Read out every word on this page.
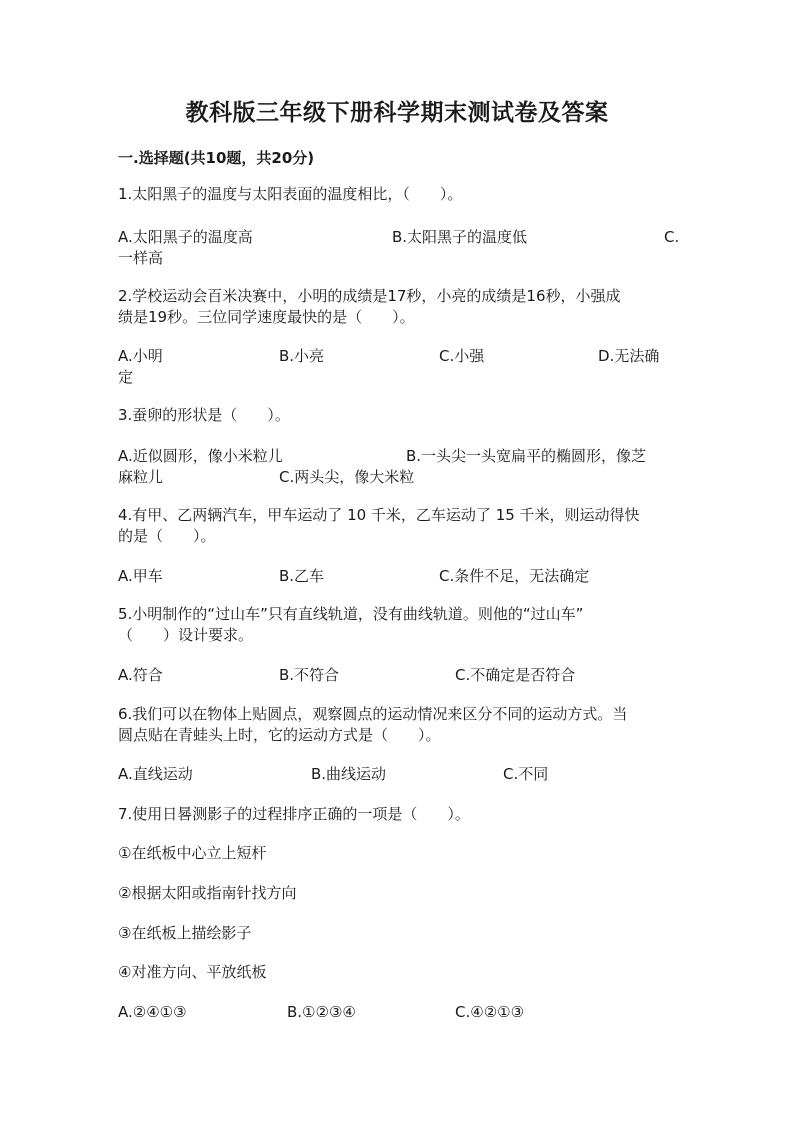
教科版三年级下册科学期末测试卷及答案
一.选择题(共10题，共20分)
1.太阳黑子的温度与太阳表面的温度相比，（　　）。
A.太阳黑子的温度高	B.太阳黑子的温度低	C.
一样高
2.学校运动会百米决赛中，小明的成绩是17秒，小亮的成绩是16秒，小强成
绩是19秒。三位同学速度最快的是（　　）。
A.小明	B.小亮	C.小强	D.无法确
定
3.蚕卵的形状是（　　）。
A.近似圆形，像小米粒儿	B.一头尖一头宽扁平的椭圆形，像芝
麻粒儿	C.两头尖，像大米粒
4.有甲、乙两辆汽车，甲车运动了 10 千米，乙车运动了 15 千米，则运动得快
的是（　　）。
A.甲车	B.乙车	C.条件不足，无法确定
5.小明制作的“过山车”只有直线轨道，没有曲线轨道。则他的“过山车”
（　　）设计要求。
A.符合	B.不符合	C.不确定是否符合
6.我们可以在物体上贴圆点，观察圆点的运动情况来区分不同的运动方式。当
圆点贴在青蛙头上时，它的运动方式是（　　）。
A.直线运动	B.曲线运动	C.不同
7.使用日晷测影子的过程排序正确的一项是（　　）。
①在纸板中心立上短杆
②根据太阳或指南针找方向
③在纸板上描绘影子
④对准方向、平放纸板
A.②④①③	B.①②③④	C.④②①③
